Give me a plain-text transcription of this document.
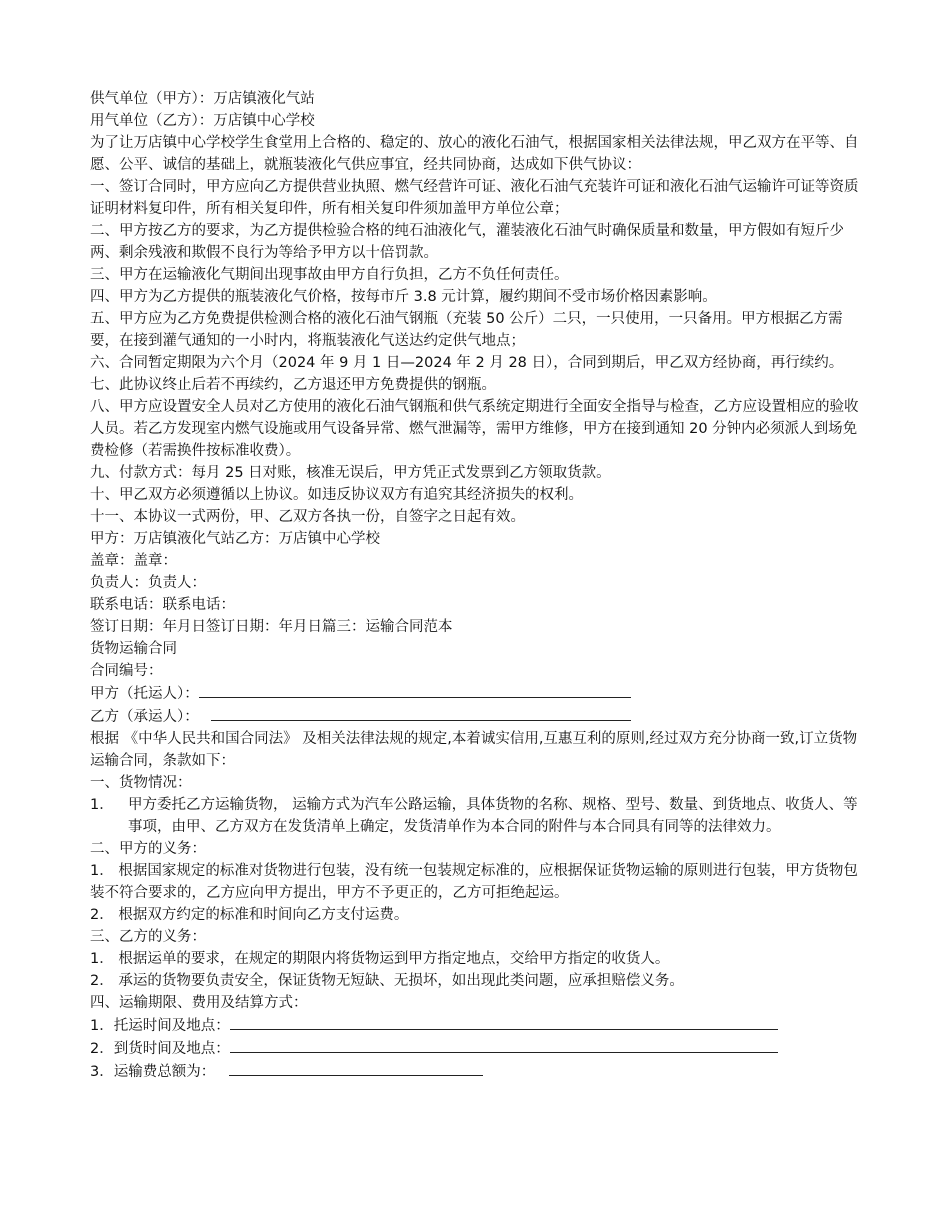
供气单位（甲方）：万店镇液化气站
用气单位（乙方）：万店镇中心学校
为了让万店镇中心学校学生食堂用上合格的、稳定的、放心的液化石油气，根据国家相关法律法规，甲乙双方在平等、自愿、公平、诚信的基础上，就瓶装液化气供应事宜，经共同协商，达成如下供气协议：
一、签订合同时，甲方应向乙方提供营业执照、燃气经营许可证、液化石油气充装许可证和液化石油气运输许可证等资质证明材料复印件，所有相关复印件，所有相关复印件须加盖甲方单位公章；
二、甲方按乙方的要求，为乙方提供检验合格的纯石油液化气，灌装液化石油气时确保质量和数量，甲方假如有短斤少两、剩余残液和欺假不良行为等给予甲方以十倍罚款。
三、甲方在运输液化气期间出现事故由甲方自行负担，乙方不负任何责任。
四、甲方为乙方提供的瓶装液化气价格，按每市斤 3.8 元计算，履约期间不受市场价格因素影响。
五、甲方应为乙方免费提供检测合格的液化石油气钢瓶（充装 50 公斤）二只，一只使用，一只备用。甲方根据乙方需要，在接到灌气通知的一小时内，将瓶装液化气送达约定供气地点；
六、合同暂定期限为六个月（2024 年 9 月 1 日—2024 年 2 月 28 日），合同到期后，甲乙双方经协商，再行续约。
七、此协议终止后若不再续约，乙方退还甲方免费提供的钢瓶。
八、甲方应设置安全人员对乙方使用的液化石油气钢瓶和供气系统定期进行全面安全指导与检查，乙方应设置相应的验收人员。若乙方发现室内燃气设施或用气设备异常、燃气泄漏等，需甲方维修，甲方在接到通知 20 分钟内必须派人到场免费检修（若需换件按标准收费）。
九、付款方式：每月 25 日对账，核准无误后，甲方凭正式发票到乙方领取货款。
十、甲乙双方必须遵循以上协议。如违反协议双方有追究其经济损失的权利。
十一、本协议一式两份，甲、乙双方各执一份，自签字之日起有效。
甲方：万店镇液化气站乙方：万店镇中心学校
盖章：盖章：
负责人：负责人：
联系电话：联系电话：
签订日期：年月日签订日期：年月日篇三：运输合同范本
货物运输合同
合同编号：
甲方（托运人）：
乙方（承运人）：
根据 《中华人民共和国合同法》 及相关法律法规的规定,本着诚实信用,互惠互利的原则,经过双方充分协商一致,订立货物运输合同，条款如下：
一、货物情况：
1． 甲方委托乙方运输货物， 运输方式为汽车公路运输，具体货物的名称、规格、型号、数量、到货地点、收货人、等事项，由甲、乙方双方在发货清单上确定，发货清单作为本合同的附件与本合同具有同等的法律效力。
二、甲方的义务：
1． 根据国家规定的标准对货物进行包装，没有统一包装规定标准的，应根据保证货物运输的原则进行包装，甲方货物包装不符合要求的，乙方应向甲方提出，甲方不予更正的，乙方可拒绝起运。
2． 根据双方约定的标准和时间向乙方支付运费。
三、乙方的义务：
1． 根据运单的要求，在规定的期限内将货物运到甲方指定地点，交给甲方指定的收货人。
2． 承运的货物要负责安全，保证货物无短缺、无损坏，如出现此类问题，应承担赔偿义务。
四、运输期限、费用及结算方式：
1．托运时间及地点：
2．到货时间及地点：
3．运输费总额为：
